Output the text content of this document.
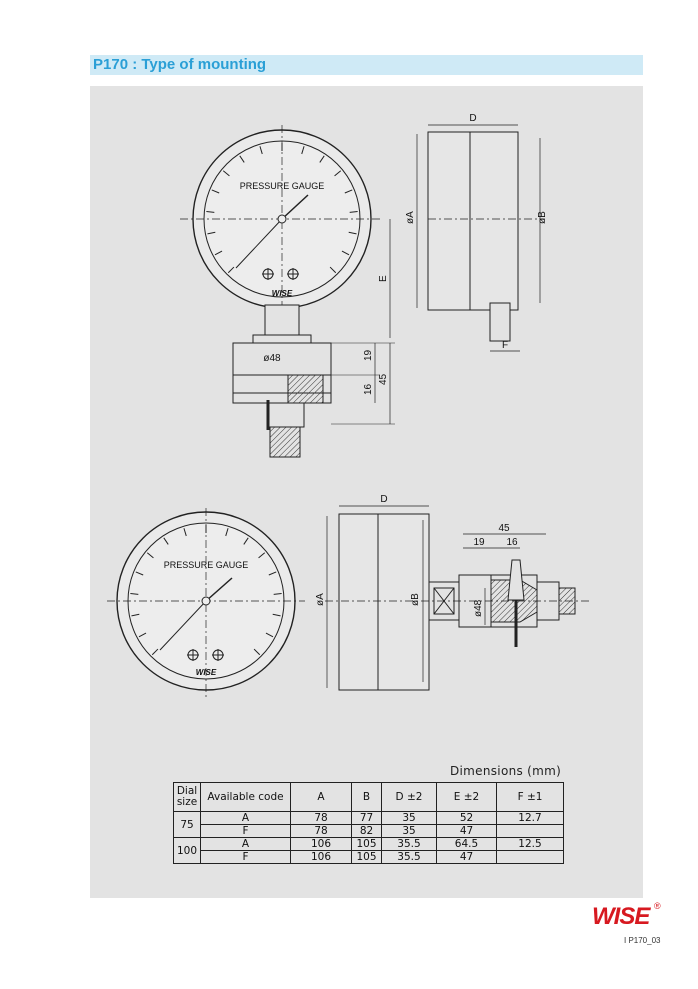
P170 : Type of mounting
PRESSURE GAUGE
WISE
ø48
E
19
16
45
D
øA	øB
F
PRESSURE GAUGE
WISE
D
øA	øB
45
19 16
ø48
Dimensions (mm)
Dial size	Available code	A	B	D ±2	E ±2	F ±1
75	A	78	77	35	52	12.7
	F	78	82	35	47	
100	A	106	105	35.5	64.5	12.5
	F	106	105	35.5	47	
WISE ®
I P170_03
